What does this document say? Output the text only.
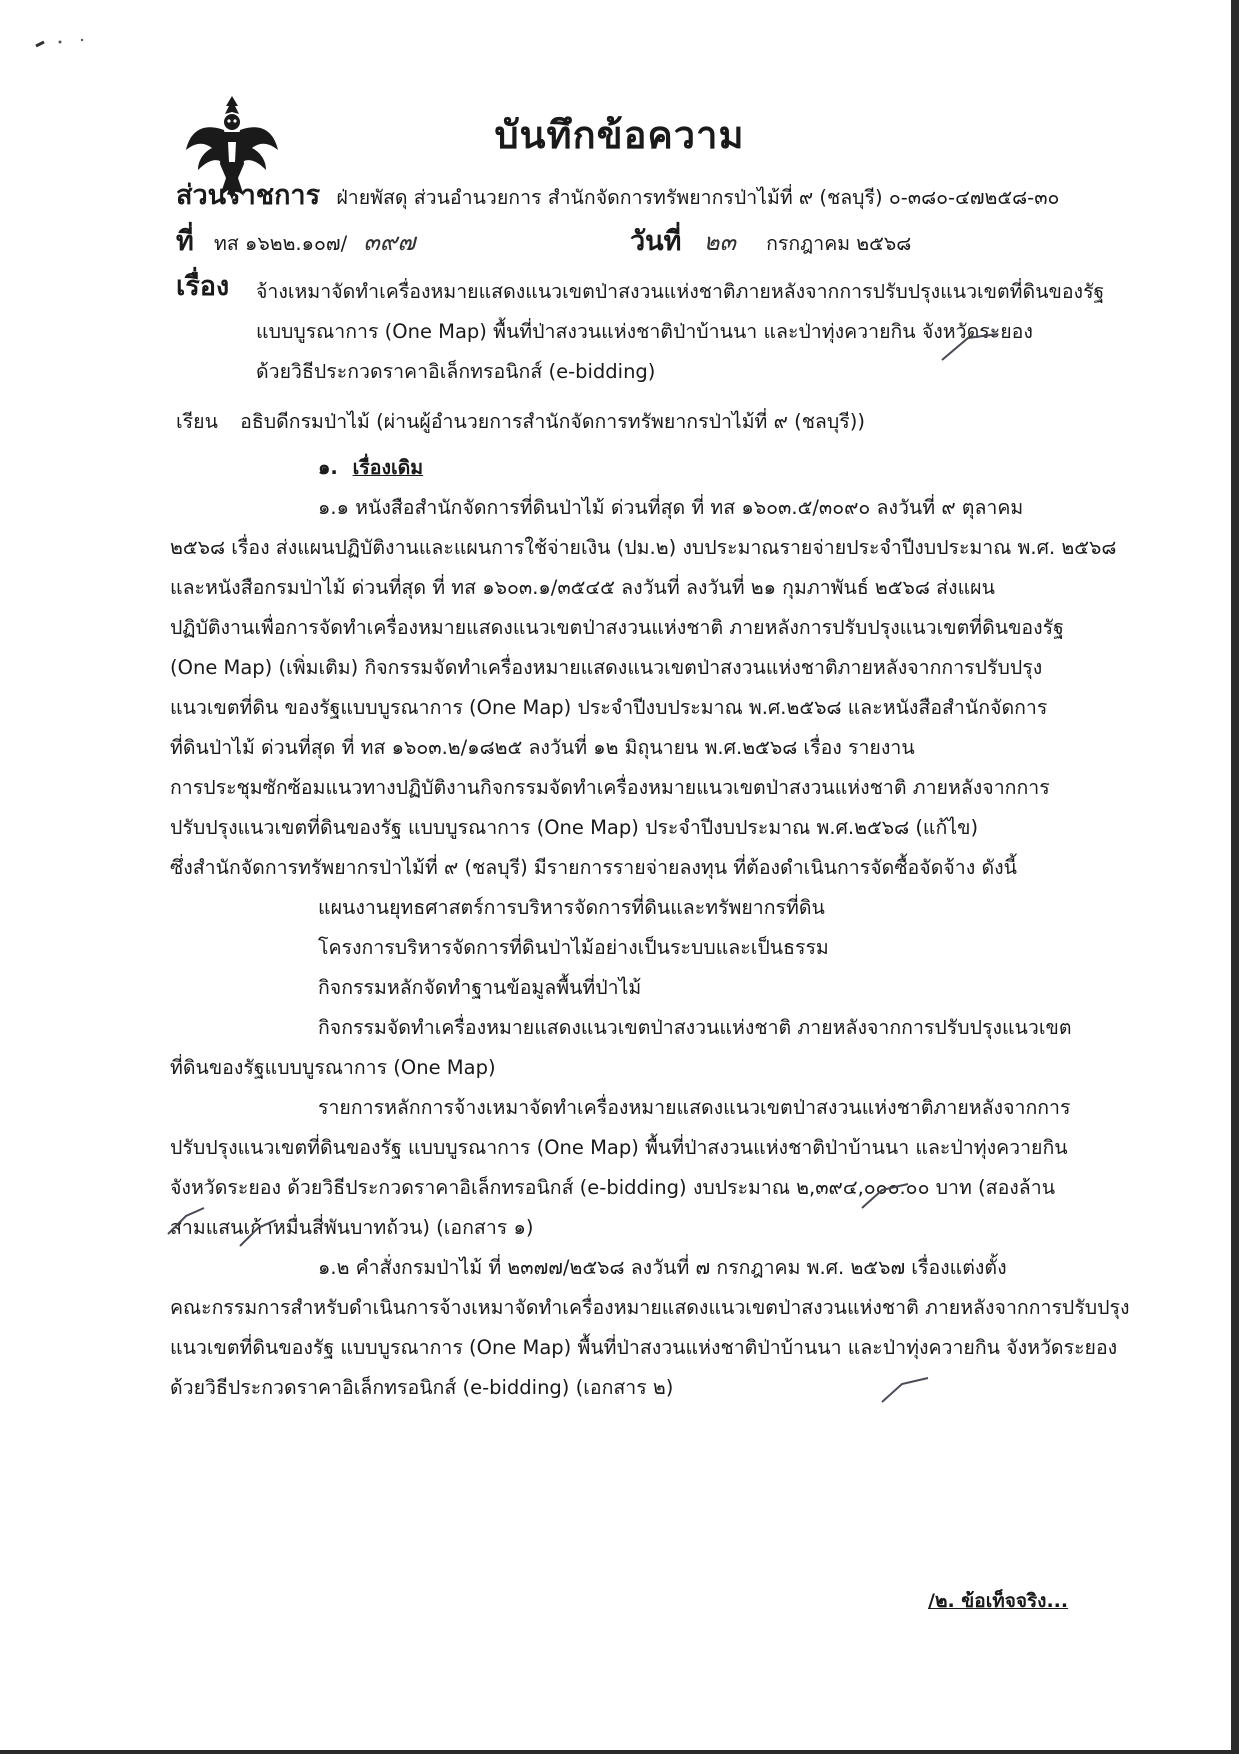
บันทึกข้อความ
ส่วนราชการ ฝ่ายพัสดุ ส่วนอำนวยการ สำนักจัดการทรัพยากรป่าไม้ที่ ๙ (ชลบุรี) ๐-๓๘๐-๔๗๒๕๘-๓๐
ที่ ทส ๑๖๒๒.๑๐๗/ ๓๙๗	วันที่ ๒๓ กรกฎาคม ๒๕๖๘
เรื่อง จ้างเหมาจัดทำเครื่องหมายแสดงแนวเขตป่าสงวนแห่งชาติภายหลังจากการปรับปรุงแนวเขตที่ดินของรัฐ
แบบบูรณาการ (One Map) พื้นที่ป่าสงวนแห่งชาติป่าบ้านนา และป่าทุ่งควายกิน จังหวัดระยอง
ด้วยวิธีประกวดราคาอิเล็กทรอนิกส์ (e-bidding)
เรียน อธิบดีกรมป่าไม้ (ผ่านผู้อำนวยการสำนักจัดการทรัพยากรป่าไม้ที่ ๙ (ชลบุรี))
๑. เรื่องเดิม
๑.๑ หนังสือสำนักจัดการที่ดินป่าไม้ ด่วนที่สุด ที่ ทส ๑๖๐๓.๕/๓๐๙๐ ลงวันที่ ๙ ตุลาคม
๒๕๖๘ เรื่อง ส่งแผนปฏิบัติงานและแผนการใช้จ่ายเงิน (ปม.๒) งบประมาณรายจ่ายประจำปีงบประมาณ พ.ศ. ๒๕๖๘
และหนังสือกรมป่าไม้ ด่วนที่สุด ที่ ทส ๑๖๐๓.๑/๓๕๔๕ ลงวันที่ ลงวันที่ ๒๑ กุมภาพันธ์ ๒๕๖๘ ส่งแผน
ปฏิบัติงานเพื่อการจัดทำเครื่องหมายแสดงแนวเขตป่าสงวนแห่งชาติ ภายหลังการปรับปรุงแนวเขตที่ดินของรัฐ
(One Map) (เพิ่มเติม) กิจกรรมจัดทำเครื่องหมายแสดงแนวเขตป่าสงวนแห่งชาติภายหลังจากการปรับปรุง
แนวเขตที่ดิน ของรัฐแบบบูรณาการ (One Map) ประจำปีงบประมาณ พ.ศ.๒๕๖๘ และหนังสือสำนักจัดการ
ที่ดินป่าไม้ ด่วนที่สุด ที่ ทส ๑๖๐๓.๒/๑๘๒๕ ลงวันที่ ๑๒ มิถุนายน พ.ศ.๒๕๖๘ เรื่อง รายงาน
การประชุมซักซ้อมแนวทางปฏิบัติงานกิจกรรมจัดทำเครื่องหมายแนวเขตป่าสงวนแห่งชาติ ภายหลังจากการ
ปรับปรุงแนวเขตที่ดินของรัฐ แบบบูรณาการ (One Map) ประจำปีงบประมาณ พ.ศ.๒๕๖๘ (แก้ไข)
ซึ่งสำนักจัดการทรัพยากรป่าไม้ที่ ๙ (ชลบุรี) มีรายการรายจ่ายลงทุน ที่ต้องดำเนินการจัดซื้อจัดจ้าง ดังนี้
แผนงานยุทธศาสตร์การบริหารจัดการที่ดินและทรัพยากรที่ดิน
โครงการบริหารจัดการที่ดินป่าไม้อย่างเป็นระบบและเป็นธรรม
กิจกรรมหลักจัดทำฐานข้อมูลพื้นที่ป่าไม้
กิจกรรมจัดทำเครื่องหมายแสดงแนวเขตป่าสงวนแห่งชาติ ภายหลังจากการปรับปรุงแนวเขต
ที่ดินของรัฐแบบบูรณาการ (One Map)
รายการหลักการจ้างเหมาจัดทำเครื่องหมายแสดงแนวเขตป่าสงวนแห่งชาติภายหลังจากการ
ปรับปรุงแนวเขตที่ดินของรัฐ แบบบูรณาการ (One Map) พื้นที่ป่าสงวนแห่งชาติป่าบ้านนา และป่าทุ่งควายกิน
จังหวัดระยอง ด้วยวิธีประกวดราคาอิเล็กทรอนิกส์ (e-bidding) งบประมาณ ๒,๓๙๔,๐๐๐.๐๐ บาท (สองล้าน
สามแสนเก้าหมื่นสี่พันบาทถ้วน) (เอกสาร ๑)
๑.๒ คำสั่งกรมป่าไม้ ที่ ๒๓๗๗/๒๕๖๘ ลงวันที่ ๗ กรกฎาคม พ.ศ. ๒๕๖๗ เรื่องแต่งตั้ง
คณะกรรมการสำหรับดำเนินการจ้างเหมาจัดทำเครื่องหมายแสดงแนวเขตป่าสงวนแห่งชาติ ภายหลังจากการปรับปรุง
แนวเขตที่ดินของรัฐ แบบบูรณาการ (One Map) พื้นที่ป่าสงวนแห่งชาติป่าบ้านนา และป่าทุ่งควายกิน จังหวัดระยอง
ด้วยวิธีประกวดราคาอิเล็กทรอนิกส์ (e-bidding) (เอกสาร ๒)
/๒. ข้อเท็จจริง...
